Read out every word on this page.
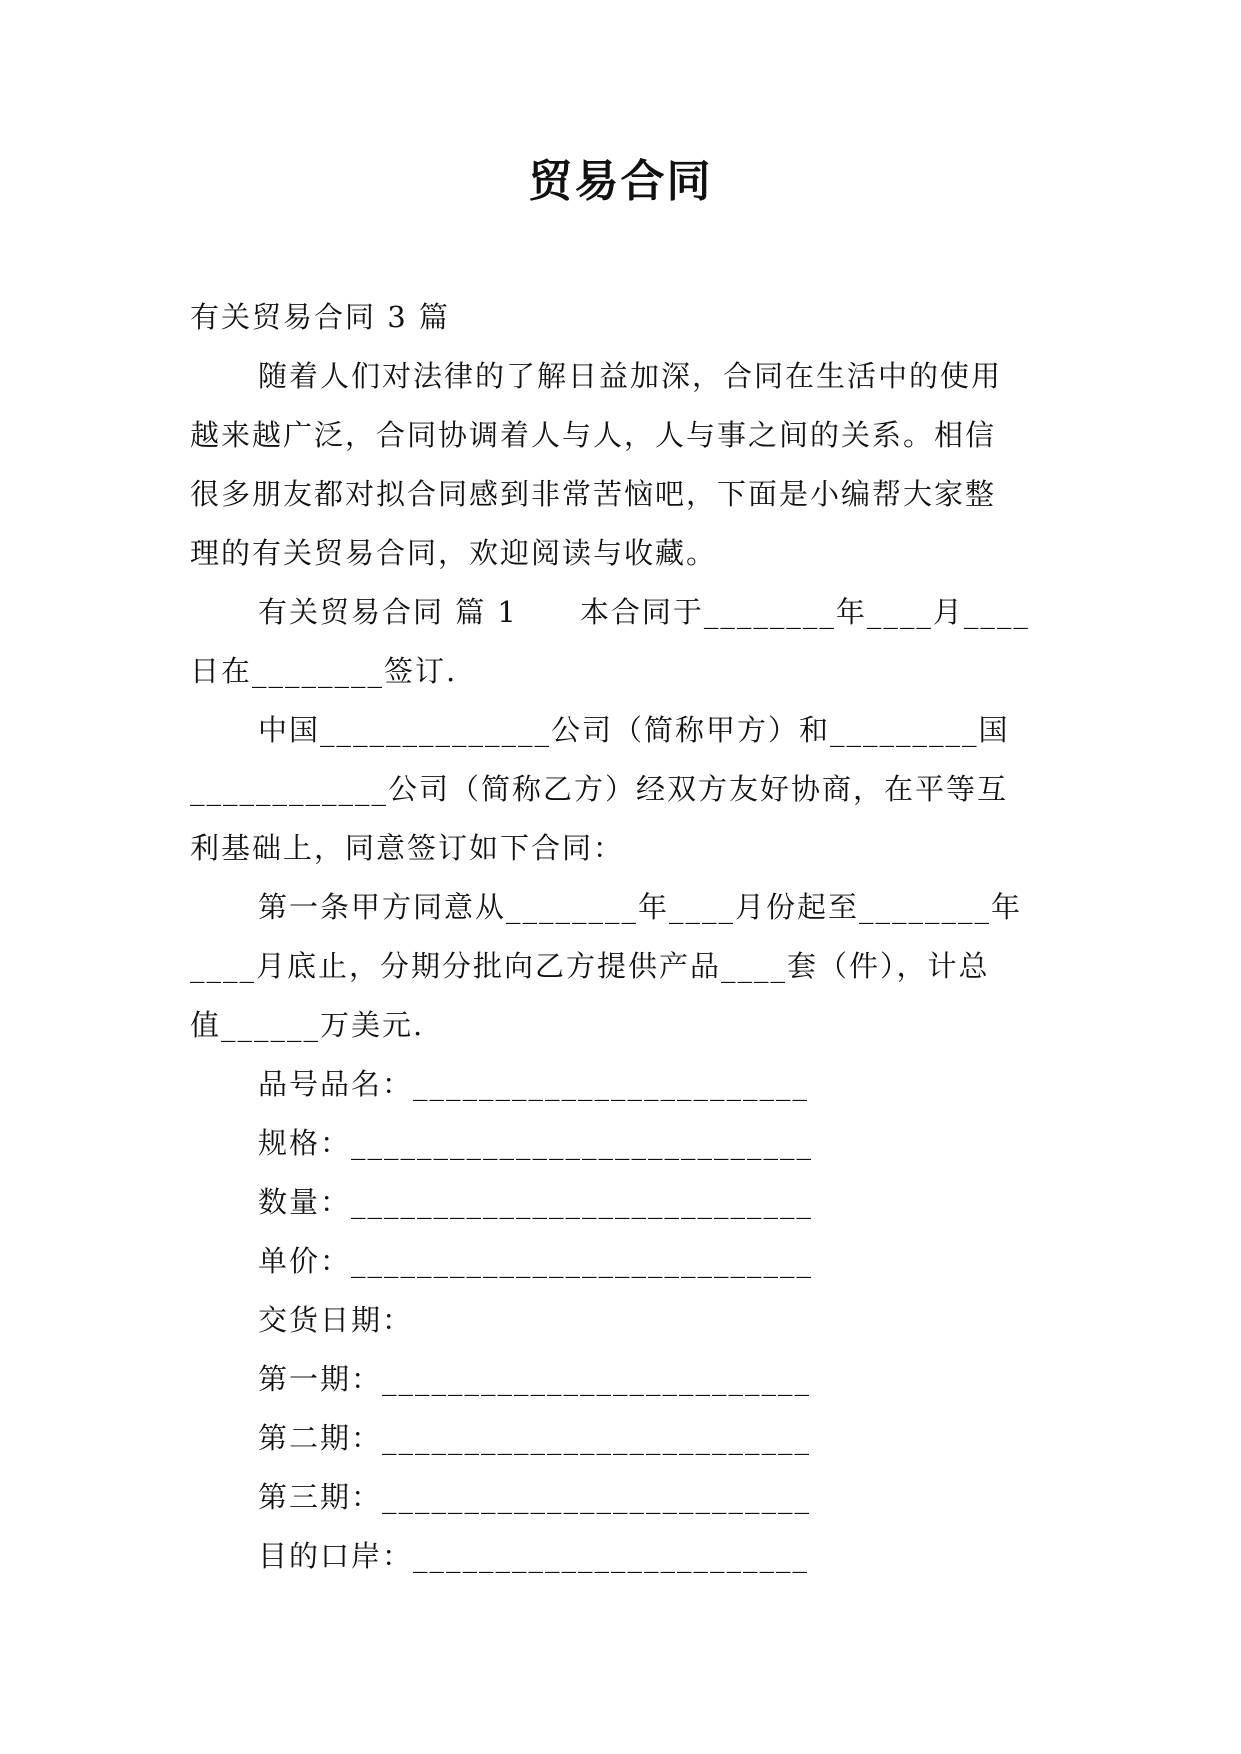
贸易合同
有关贸易合同 3 篇
随着人们对法律的了解日益加深，合同在生活中的使用
越来越广泛，合同协调着人与人，人与事之间的关系。相信
很多朋友都对拟合同感到非常苦恼吧，下面是小编帮大家整
理的有关贸易合同，欢迎阅读与收藏。
有关贸易合同 篇 1　　本合同于________年____月____
日在________签订.
中国______________公司（简称甲方）和_________国
____________公司（简称乙方）经双方友好协商，在平等互
利基础上，同意签订如下合同：
第一条甲方同意从________年____月份起至________年
____月底止，分期分批向乙方提供产品____套（件），计总
值______万美元.
品号品名：________________________
规格：____________________________
数量：____________________________
单价：____________________________
交货日期：
第一期：__________________________
第二期：__________________________
第三期：__________________________
目的口岸：________________________
